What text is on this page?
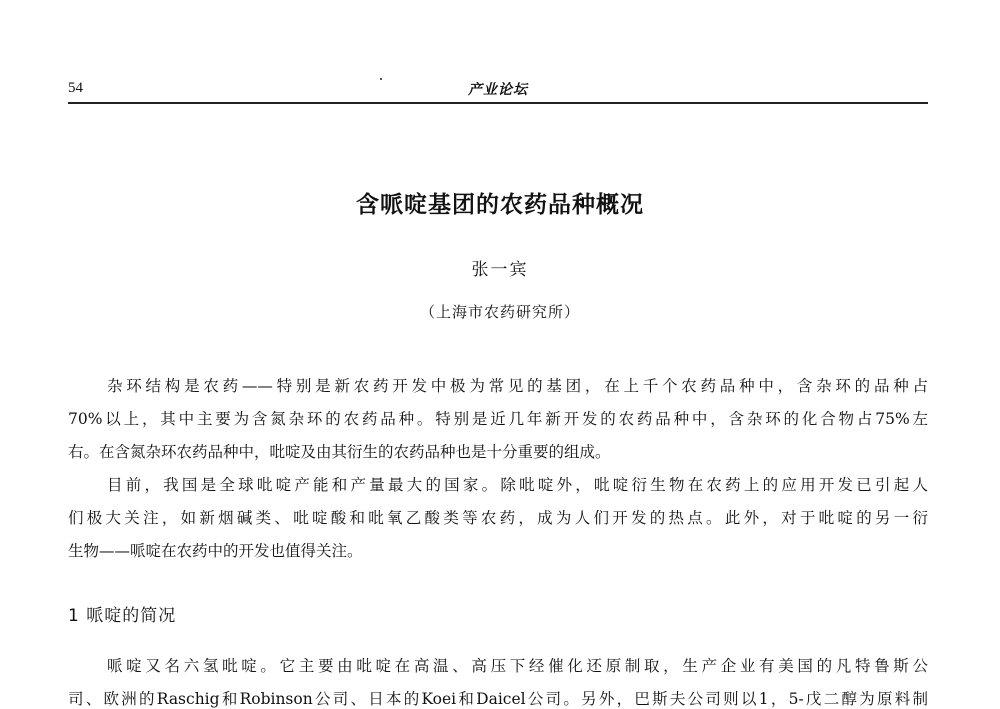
54	产业论坛
含哌啶基团的农药品种概况
张一宾
（上海市农药研究所）
杂环结构是农药——特别是新农药开发中极为常见的基团，在上千个农药品种中，含杂环的品种占
70%以上，其中主要为含氮杂环的农药品种。特别是近几年新开发的农药品种中，含杂环的化合物占75%左
右。在含氮杂环农药品种中，吡啶及由其衍生的农药品种也是十分重要的组成。
目前，我国是全球吡啶产能和产量最大的国家。除吡啶外，吡啶衍生物在农药上的应用开发已引起人
们极大关注，如新烟碱类、吡啶酸和吡氧乙酸类等农药，成为人们开发的热点。此外，对于吡啶的另一衍
生物——哌啶在农药中的开发也值得关注。
1 哌啶的简况
哌啶又名六氢吡啶。它主要由吡啶在高温、高压下经催化还原制取，生产企业有美国的凡特鲁斯公
司、欧洲的Raschig和Robinson公司、日本的Koei和Daicel公司。另外，巴斯夫公司则以1，5-戊二醇为原料制
